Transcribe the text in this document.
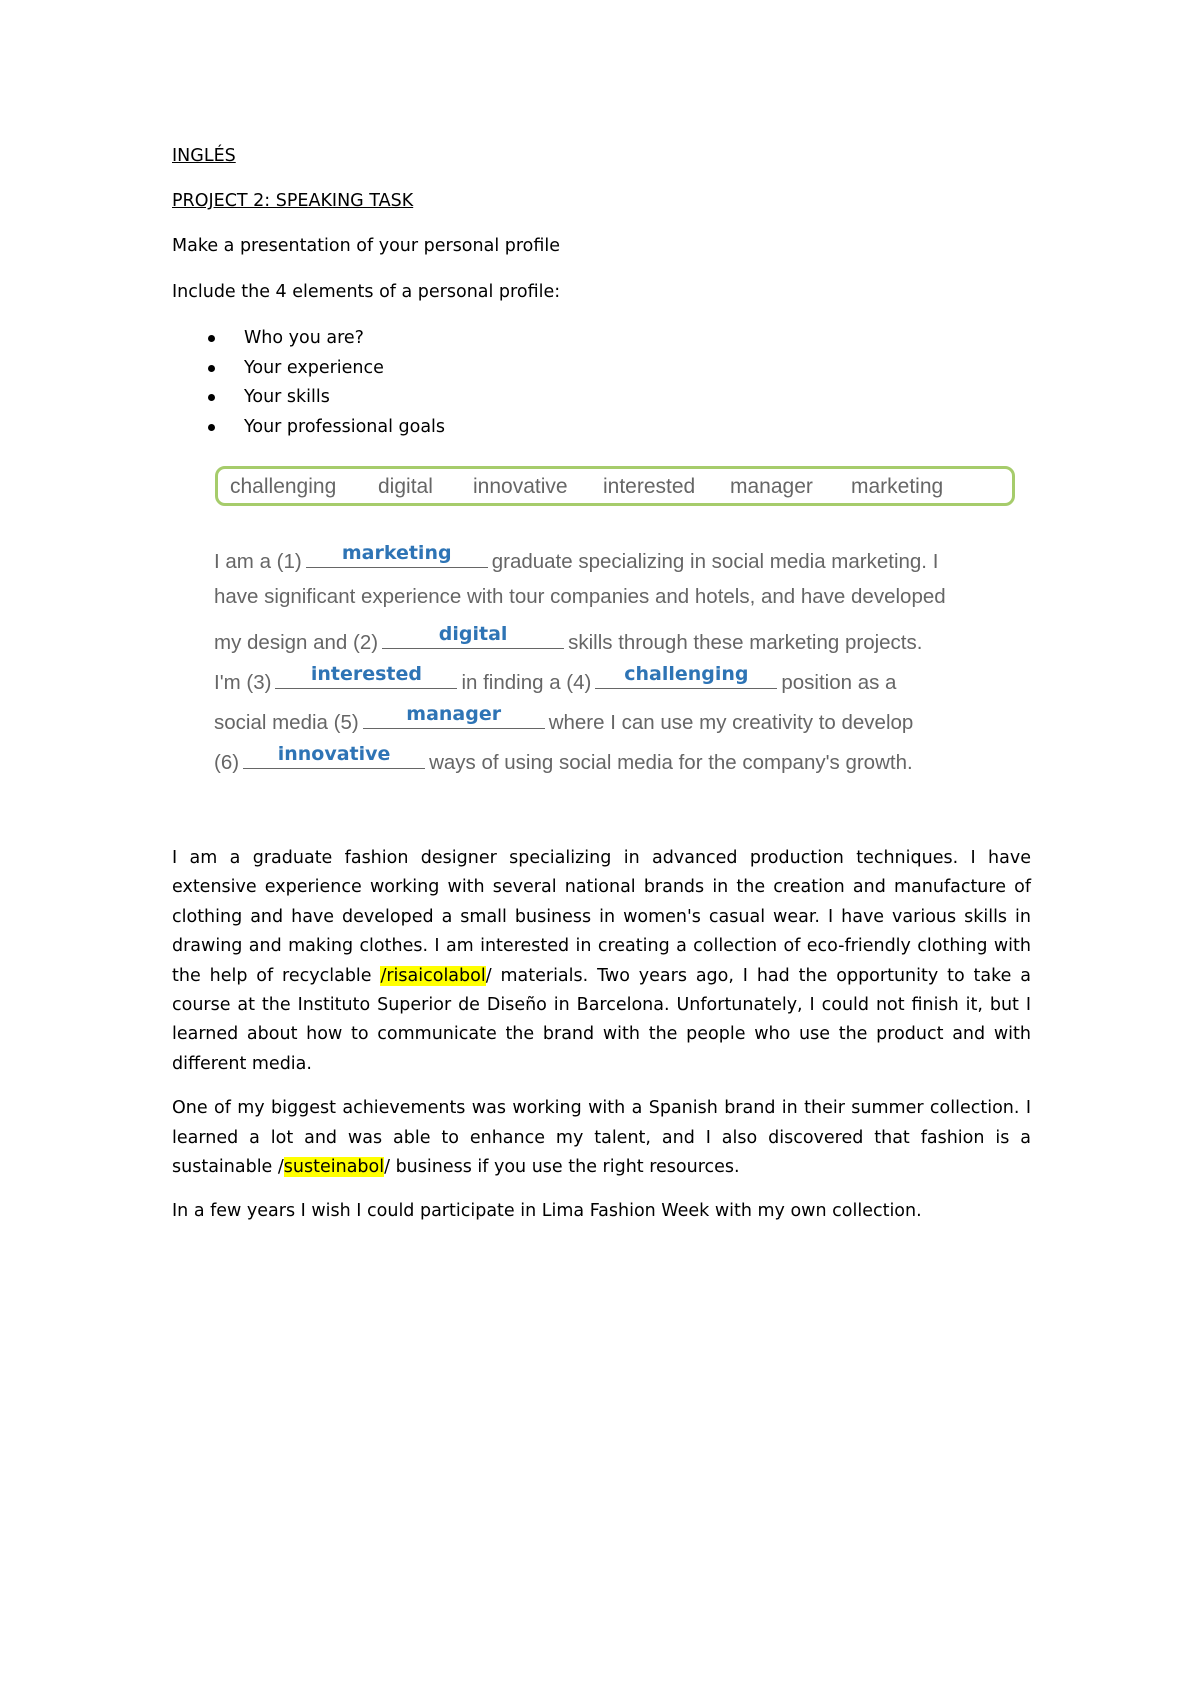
INGLÉS
PROJECT 2: SPEAKING TASK
Make a presentation of your personal profile
Include the 4 elements of a personal profile:
Who you are?
Your experience
Your skills
Your professional goals
challenging digital innovative interested manager marketing
I am a (1)	marketing	graduate specializing in social media marketing. I
have significant experience with tour companies and hotels, and have developed
my design and (2)	digital	skills through these marketing projects.
I'm (3)	interested	in finding a (4)	challenging	position as a
social media (5)	manager	where I can use my creativity to develop
(6)	innovative	ways of using social media for the company's growth.

I am a graduate fashion designer specializing in advanced production techniques. I have extensive experience working with several national brands in the creation and manufacture of clothing and have developed a small business in women's casual wear. I have various skills in drawing and making clothes. I am interested in creating a collection of eco-friendly clothing with the help of recyclable /risaicolabol/ materials. Two years ago, I had the opportunity to take a course at the Instituto Superior de Diseño in Barcelona. Unfortunately, I could not finish it, but I learned about how to communicate the brand with the people who use the product and with different media.

One of my biggest achievements was working with a Spanish brand in their summer collection. I learned a lot and was able to enhance my talent, and I also discovered that fashion is a sustainable /susteinabol/ business if you use the right resources.

In a few years I wish I could participate in Lima Fashion Week with my own collection.
